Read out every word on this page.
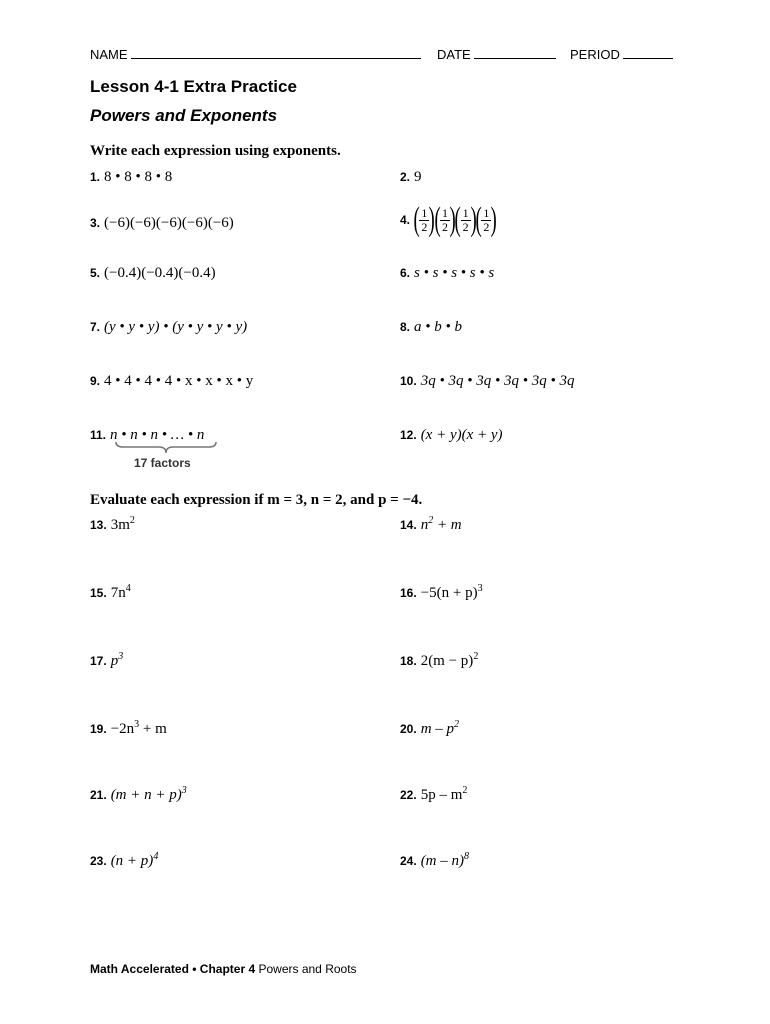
NAME	DATE	PERIOD
Lesson 4-1 Extra Practice
Powers and Exponents
Write each expression using exponents.
1. 8 • 8 • 8 • 8	2. 9
3. (−6)(−6)(−6)(−6)(−6)	4. ( $\frac{1}{2}$ ) ( $\frac{1}{2}$ ) ( $\frac{1}{2}$ ) ( $\frac{1}{2}$ )
5. (−0.4)(−0.4)(−0.4)	6. s • s • s • s • s
7. (y • y • y) • (y • y • y • y)	8. a • b • b
9. 4 • 4 • 4 • 4 • x • x • x • y	10. 3q • 3q • 3q • 3q • 3q • 3q
11. n • n • n • … • n
17 factors
12. (x + y)(x + y)
Evaluate each expression if m = 3, n = 2, and p = −4.
13. $3m^2$	14. $n^2 + m$
15. $7n^4$	16. $-5(n + p)^3$
17. $p^3$	18. $2(m - p)^2$
19. $-2n^3 + m$	20. m – $p^2$
21. $(m + n + p)^3$	22. $5p - m^2$
23. $(n + p)^4$	24. (m – n)$^8$
Math Accelerated • Chapter 4 Powers and Roots
